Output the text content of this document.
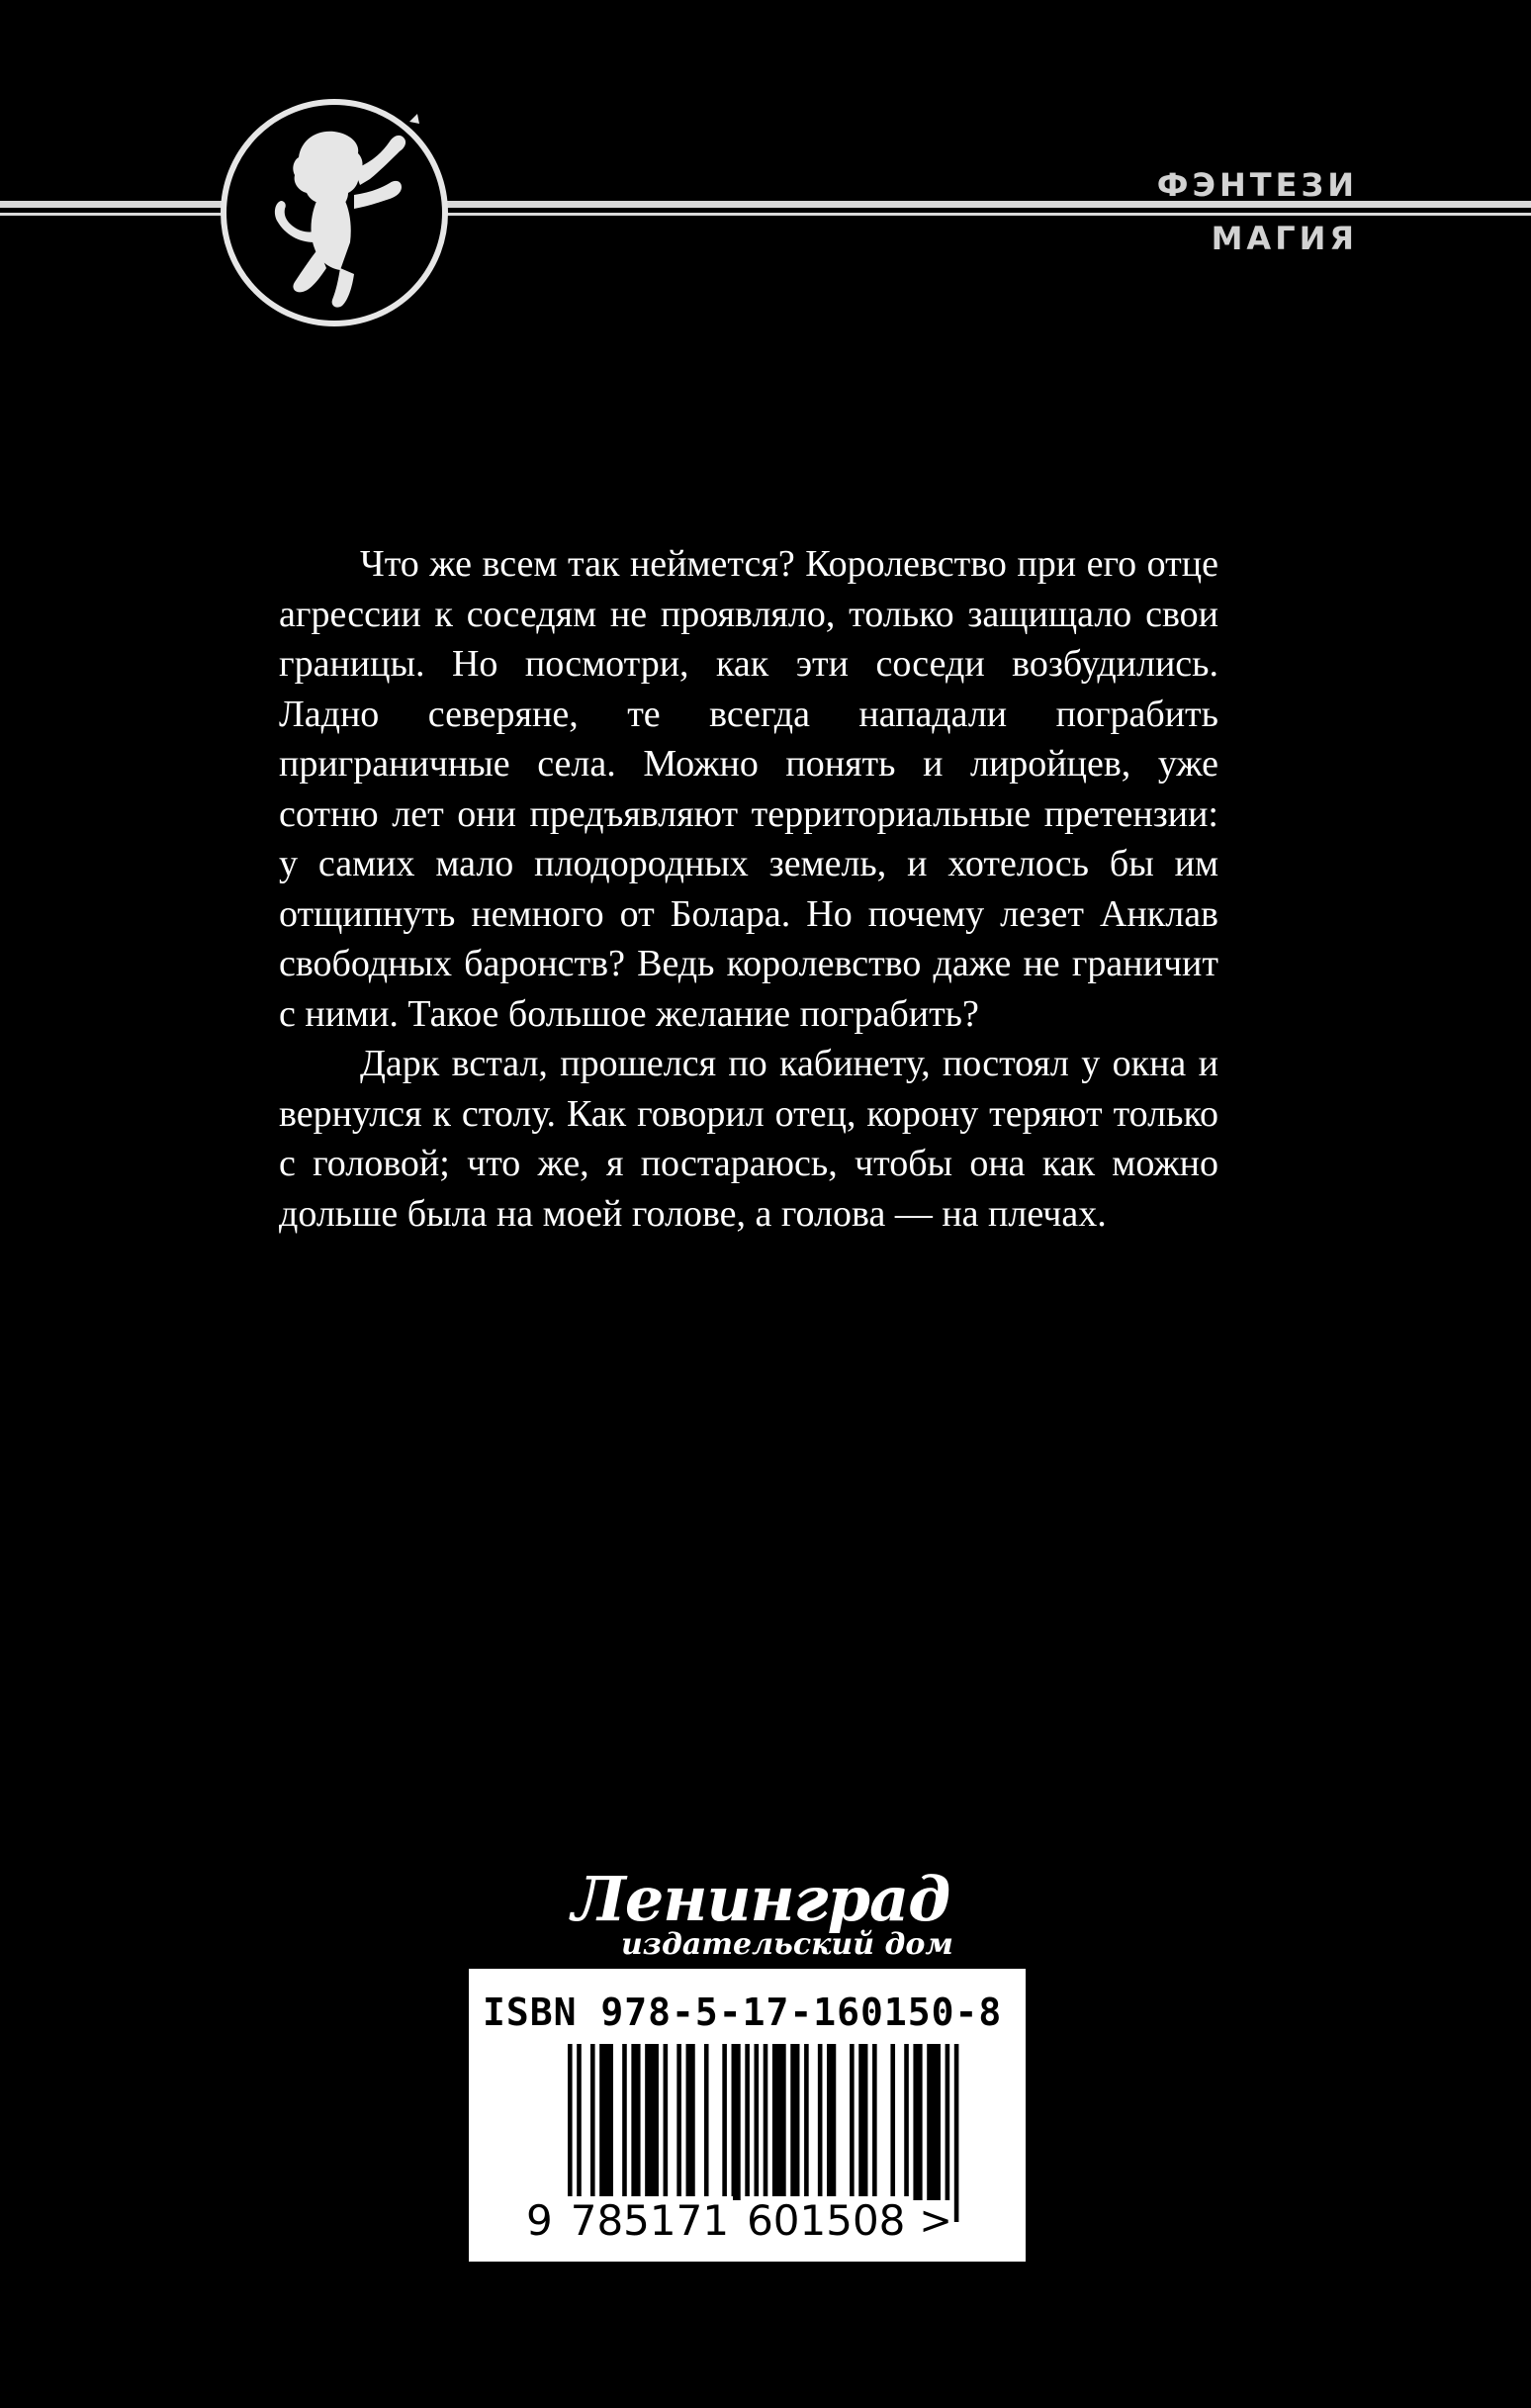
ФЭНТЕЗИ
МАГИЯ

Что же всем так неймется? Королевство при его отце агрессии к соседям не проявляло, только защищало свои границы. Но посмотри, как эти соседи возбудились. Ладно северяне, те всегда нападали пограбить приграничные села. Можно понять и лиройцев, уже сотню лет они предъявляют территориальные претензии: у самих мало плодородных земель, и хотелось бы им отщипнуть немного от Болара. Но почему лезет Анклав свободных баронств? Ведь королевство даже не граничит с ними. Такое большое желание пограбить?

Дарк встал, прошелся по кабинету, постоял у окна и вернулся к столу. Как говорил отец, корону теряют только с головой; что же, я постараюсь, чтобы она как можно дольше была на моей голове, а голова — на плечах.

Ленинград
издательский дом
ISBN 978-5-17-160150-8
9 785171 601508 >
